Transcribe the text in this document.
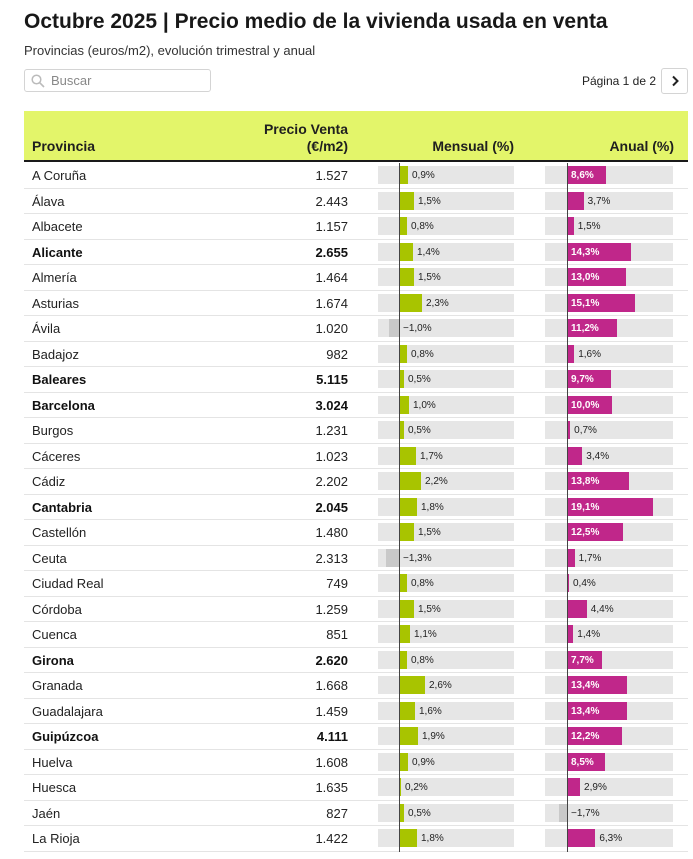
Octubre 2025 | Precio medio de la vivienda usada en venta
Provincias (euros/m2), evolución trimestral y anual
Buscar
Página 1 de 2
Provincia
Precio Venta
(€/m2)	Mensual (%)	Anual (%)
A Coruña	1.527	0,9%	8,6%
Álava	2.443	1,5%	3,7%
Albacete	1.157	0,8%	1,5%
Alicante	2.655	1,4%	14,3%
Almería	1.464	1,5%	13,0%
Asturias	1.674	2,3%	15,1%
Ávila	1.020	−1,0%	11,2%
Badajoz	982	0,8%	1,6%
Baleares	5.115	0,5%	9,7%
Barcelona	3.024	1,0%	10,0%
Burgos	1.231	0,5%	0,7%
Cáceres	1.023	1,7%	3,4%
Cádiz	2.202	2,2%	13,8%
Cantabria	2.045	1,8%	19,1%
Castellón	1.480	1,5%	12,5%
Ceuta	2.313	−1,3%	1,7%
Ciudad Real	749	0,8%	0,4%
Córdoba	1.259	1,5%	4,4%
Cuenca	851	1,1%	1,4%
Girona	2.620	0,8%	7,7%
Granada	1.668	2,6%	13,4%
Guadalajara	1.459	1,6%	13,4%
Guipúzcoa	4.111	1,9%	12,2%
Huelva	1.608	0,9%	8,5%
Huesca	1.635	0,2%	2,9%
Jaén	827	0,5%	−1,7%
La Rioja	1.422	1,8%	6,3%
